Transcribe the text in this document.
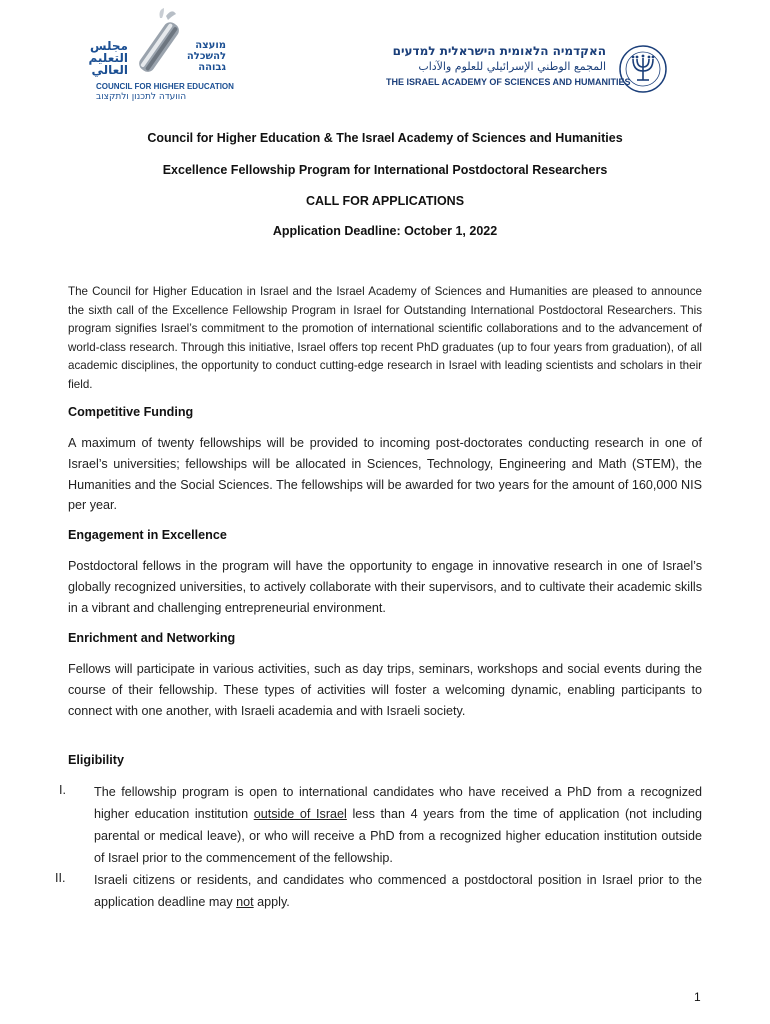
مجلس التعليم العالي
מועצה להשכלה גבוהה
COUNCIL FOR HIGHER EDUCATION
הוועדה לתכנון ולתקצוב
האקדמיה הלאומית הישראלית למדעים
المجمع الوطني الإسرائيلي للعلوم والآداب
THE ISRAEL ACADEMY OF SCIENCES AND HUMANITIES
Council for Higher Education & The Israel Academy of Sciences and Humanities
Excellence Fellowship Program for International Postdoctoral Researchers
CALL FOR APPLICATIONS
Application Deadline: October 1, 2022
The Council for Higher Education in Israel and the Israel Academy of Sciences and Humanities are pleased to announce the sixth call of the Excellence Fellowship Program in Israel for Outstanding International Postdoctoral Researchers. This program signifies Israel’s commitment to the promotion of international scientific collaborations and to the advancement of world-class research. Through this initiative, Israel offers top recent PhD graduates (up to four years from graduation), of all academic disciplines, the opportunity to conduct cutting-edge research in Israel with leading scientists and scholars in their field.
Competitive Funding
A maximum of twenty fellowships will be provided to incoming post-doctorates conducting research in one of Israel’s universities; fellowships will be allocated in Sciences, Technology, Engineering and Math (STEM), the Humanities and the Social Sciences. The fellowships will be awarded for two years for the amount of 160,000 NIS per year.
Engagement in Excellence
Postdoctoral fellows in the program will have the opportunity to engage in innovative research in one of Israel’s globally recognized universities, to actively collaborate with their supervisors, and to cultivate their academic skills in a vibrant and challenging entrepreneurial environment.
Enrichment and Networking
Fellows will participate in various activities, such as day trips, seminars, workshops and social events during the course of their fellowship. These types of activities will foster a welcoming dynamic, enabling participants to connect with one another, with Israeli academia and with Israeli society.
Eligibility
I. The fellowship program is open to international candidates who have received a PhD from a recognized higher education institution outside of Israel less than 4 years from the time of application (not including parental or medical leave), or who will receive a PhD from a recognized higher education institution outside of Israel prior to the commencement of the fellowship.
II. Israeli citizens or residents, and candidates who commenced a postdoctoral position in Israel prior to the application deadline may not apply.
1
